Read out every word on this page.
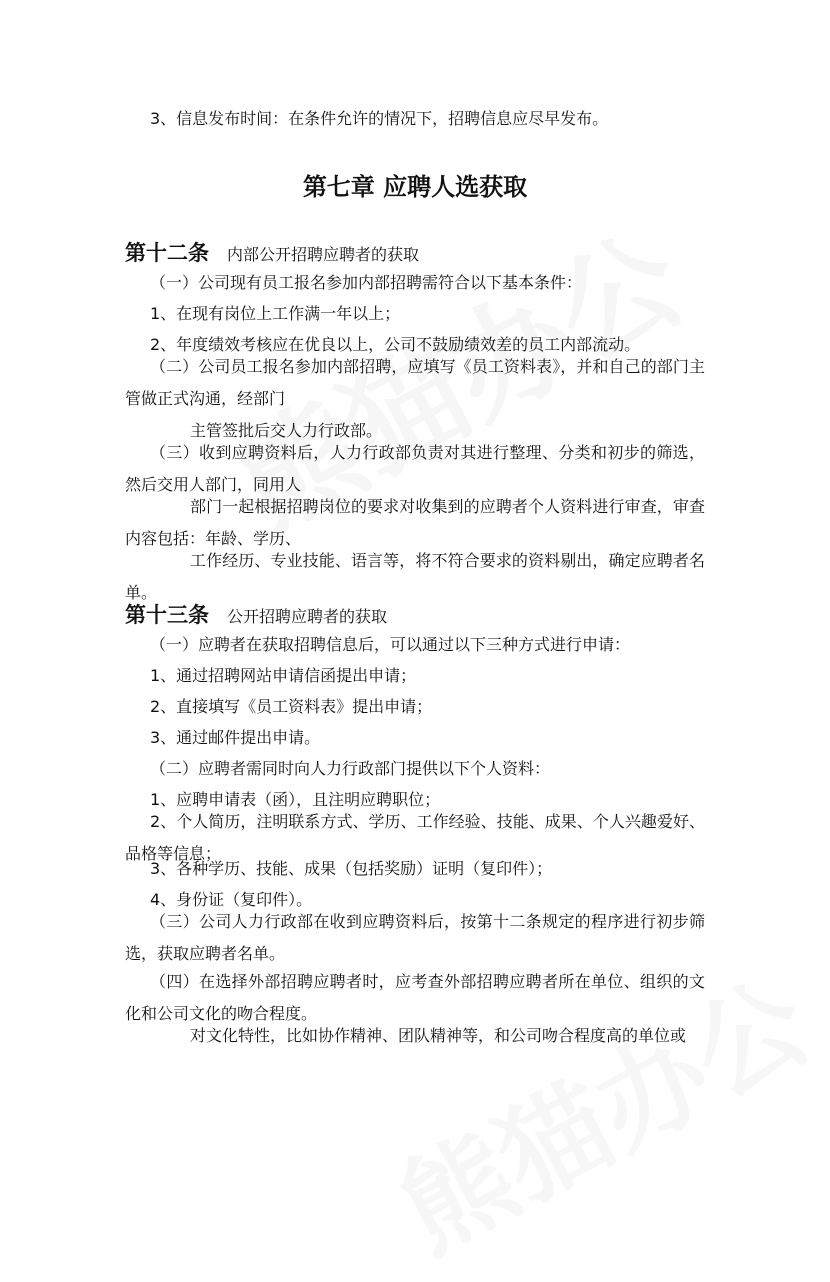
3、信息发布时间：在条件允许的情况下，招聘信息应尽早发布。
第七章 应聘人选获取
第十二条 内部公开招聘应聘者的获取
（一）公司现有员工报名参加内部招聘需符合以下基本条件：
1、在现有岗位上工作满一年以上；
2、年度绩效考核应在优良以上，公司不鼓励绩效差的员工内部流动。
（二）公司员工报名参加内部招聘，应填写《员工资料表》，并和自己的部门主管做正式沟通，经部门
主管签批后交人力行政部。
（三）收到应聘资料后，人力行政部负责对其进行整理、分类和初步的筛选，然后交用人部门，同用人
部门一起根据招聘岗位的要求对收集到的应聘者个人资料进行审查，审查内容包括：年龄、学历、
工作经历、专业技能、语言等，将不符合要求的资料剔出，确定应聘者名单。
第十三条 公开招聘应聘者的获取
（一）应聘者在获取招聘信息后，可以通过以下三种方式进行申请：
1、通过招聘网站申请信函提出申请；
2、直接填写《员工资料表》提出申请；
3、通过邮件提出申请。
（二）应聘者需同时向人力行政部门提供以下个人资料：
1、应聘申请表（函），且注明应聘职位；
2、个人简历，注明联系方式、学历、工作经验、技能、成果、个人兴趣爱好、品格等信息；
3、各种学历、技能、成果（包括奖励）证明（复印件）；
4、身份证（复印件）。
（三）公司人力行政部在收到应聘资料后，按第十二条规定的程序进行初步筛选，获取应聘者名单。
（四）在选择外部招聘应聘者时，应考查外部招聘应聘者所在单位、组织的文化和公司文化的吻合程度。
对文化特性，比如协作精神、团队精神等，和公司吻合程度高的单位或
